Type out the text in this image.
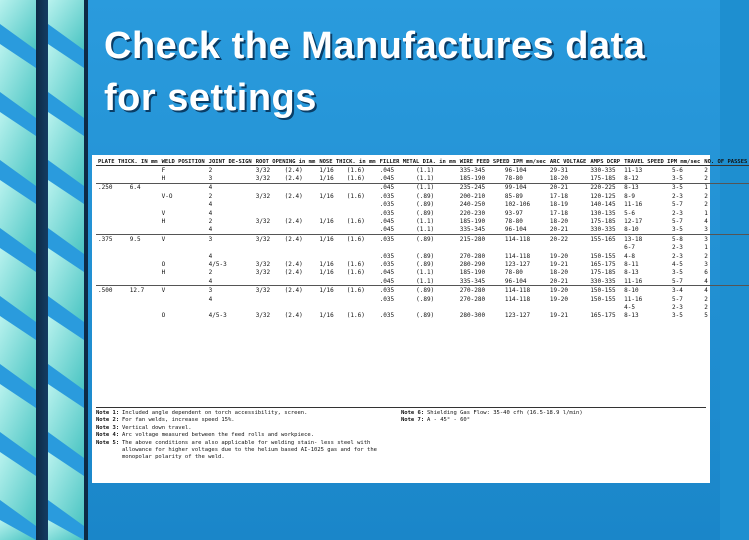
Check the Manufactures data for settings
PLATE THICK. IN mm		WELD POSITION	JOINT DE-SIGN	ROOT OPENING in mm		NOSE THICK. in mm		FILLER METAL DIA. in mm		WIRE FEED SPEED IPM mm/sec		ARC VOLTAGE	AMPS DCRP	TRAVEL SPEED IPM mm/sec		NO. OF PASSES
		F	2	3/32	(2.4)	1/16	(1.6)	.045	(1.1)	335-345	96-104	29-31	330-335	11-13	5-6	2
		H	3	3/32	(2.4)	1/16	(1.6)	.045	(1.1)	185-190	78-80	18-20	175-185	8-12	3-5	2
.250	6.4		4					.045	(1.1)	235-245	99-104	20-21	220-225	8-13	3-5	1
		V-O	2	3/32	(2.4)	1/16	(1.6)	.035	(.89)	200-210	85-89	17-18	120-125	8-9	2-3	2
			4					.035	(.89)	240-250	102-106	18-19	140-145	11-16	5-7	2
		V	4					.035	(.89)	220-230	93-97	17-18	130-135	5-6	2-3	1
		H	2	3/32	(2.4)	1/16	(1.6)	.045	(1.1)	185-190	78-80	18-20	175-185	12-17	5-7	4
			4					.045	(1.1)	335-345	96-104	20-21	330-335	8-10	3-5	3
.375	9.5	V	3	3/32	(2.4)	1/16	(1.6)	.035	(.89)	215-280	114-118	20-22	155-165	13-18	5-8	3
														6-7	2-3	1
			4					.035	(.89)	270-280	114-118	19-20	150-155	4-8	2-3	2
		O	4/5-3	3/32	(2.4)	1/16	(1.6)	.035	(.89)	280-290	123-127	19-21	165-175	8-11	4-5	3
		H	2	3/32	(2.4)	1/16	(1.6)	.045	(1.1)	185-190	78-80	18-20	175-185	8-13	3-5	6
			4					.045	(1.1)	335-345	96-104	20-21	330-335	11-16	5-7	4
.500	12.7	V	3	3/32	(2.4)	1/16	(1.6)	.035	(.89)	270-280	114-118	19-20	150-155	8-10	3-4	4
			4					.035	(.89)	270-280	114-118	19-20	150-155	11-16	5-7	2
														4-5	2-3	2
		O	4/5-3	3/32	(2.4)	1/16	(1.6)	.035	(.89)	280-300	123-127	19-21	165-175	8-13	3-5	5
Note 1: Included angle dependent on torch accessibility, screen.
Note 2: For fan welds, increase speed 15%.
Note 3: Vertical down travel.
Note 4: Arc voltage measured between the feed rolls and workpiece.
Note 5: The above conditions are also applicable for welding stain- less steel with allowance for higher voltages due to the helium based AI-1025 gas and for the monopolar polarity of the weld.
Note 6: Shielding Gas Flow: 35-40 cfh (16.5-18.9 l/min)
Note 7: A - 45° - 60°
